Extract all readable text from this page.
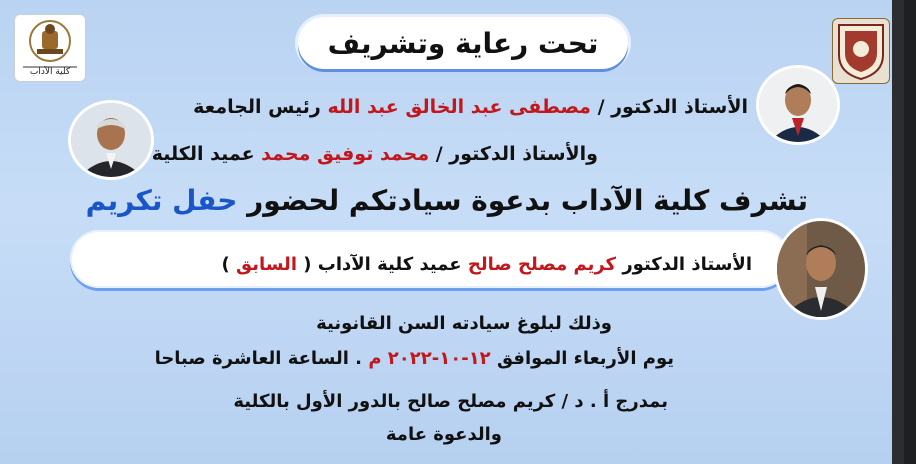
كلية الآداب
تحت رعاية وتشريف
الأستاذ الدكتور / مصطفى عبد الخالق عبد الله رئيس الجامعة
والأستاذ الدكتور / محمد توفيق محمد عميد الكلية
تشرف كلية الآداب بدعوة سيادتكم لحضور حفل تكريم
الأستاذ الدكتور كريم مصلح صالح عميد كلية الآداب ( السابق )
وذلك لبلوغ سيادته السن القانونية
يوم الأربعاء الموافق ١٢-١٠-٢٠٢٢ م . الساعة العاشرة صباحا
بمدرج أ . د / كريم مصلح صالح بالدور الأول بالكلية
والدعوة عامة
